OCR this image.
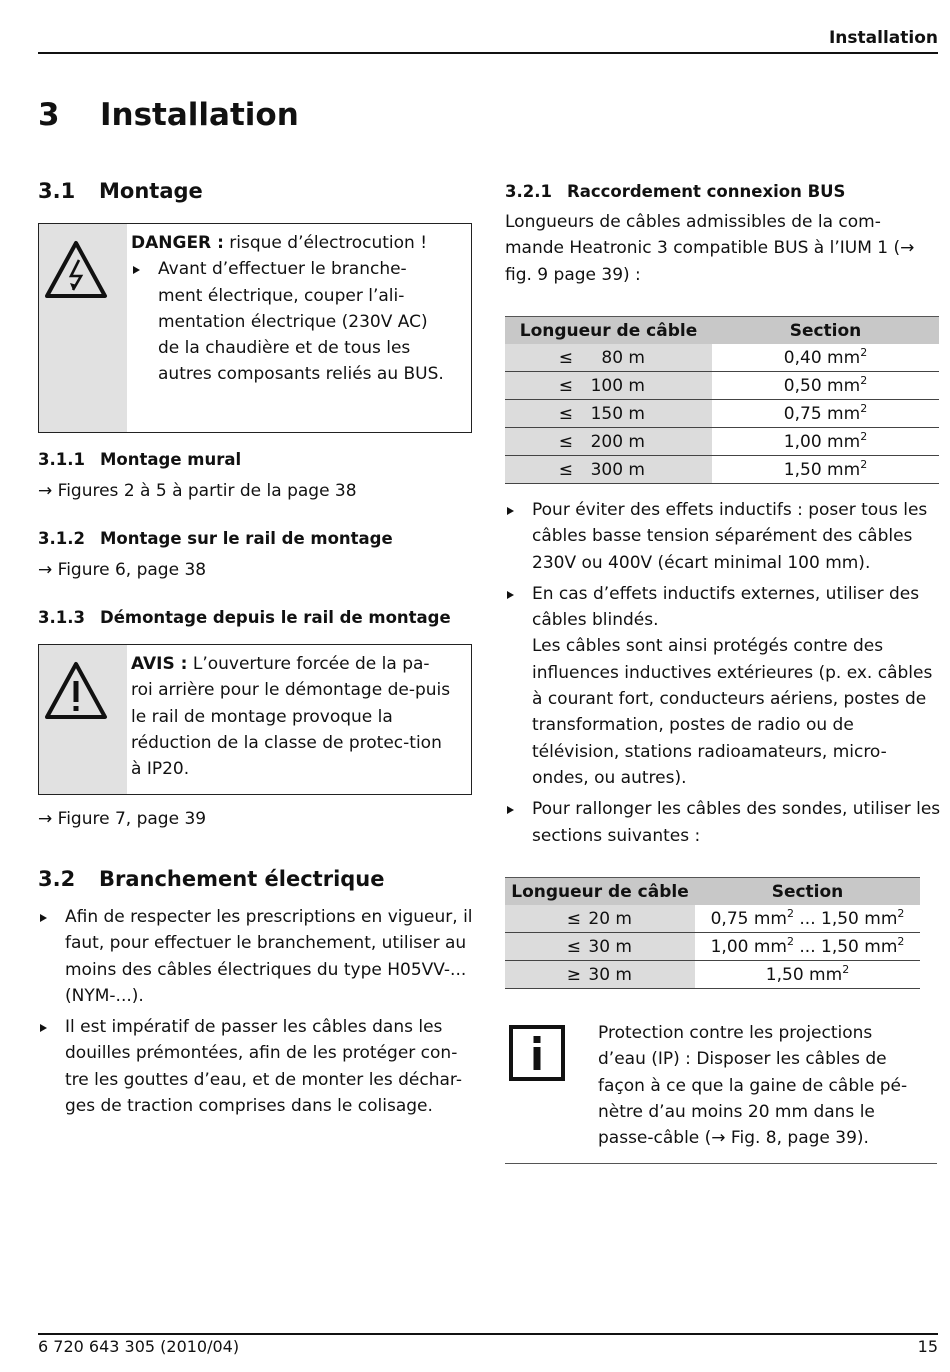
Installation
3 Installation
3.1 Montage
DANGER : risque d’électrocution !
Avant d’effectuer le branche-ment électrique, couper l’ali-mentation électrique (230V AC) de la chaudière et de tous les autres composants reliés au BUS.
3.1.1 Montage mural
→ Figures 2 à 5 à partir de la page 38
3.1.2 Montage sur le rail de montage
→ Figure 6, page 38
3.1.3 Démontage depuis le rail de montage
AVIS : L’ouverture forcée de la pa-roi arrière pour le démontage de-puis le rail de montage provoque la réduction de la classe de protec-tion à IP20.
→ Figure 7, page 39
3.2 Branchement électrique
Afin de respecter les prescriptions en vigueur, il faut, pour effectuer le branchement, utiliser au moins des câbles électriques du type H05VV-... (NYM-...).
Il est impératif de passer les câbles dans les douilles prémontées, afin de les protéger con-tre les gouttes d’eau, et de monter les déchar-ges de traction comprises dans le colisage.
3.2.1 Raccordement connexion BUS
Longueurs de câbles admissibles de la com-mande Heatronic 3 compatible BUS à l’IUM 1 (→ fig. 9 page 39) :
Longueur de câble	Section
≤ 80 m	0,40 $mm^2$
≤ 100 m	0,50 $mm^2$
≤ 150 m	0,75 $mm^2$
≤ 200 m	1,00 $mm^2$
≤ 300 m	1,50 $mm^2$
Pour éviter des effets inductifs : poser tous les câbles basse tension séparément des câbles 230V ou 400V (écart minimal 100 mm).
En cas d’effets inductifs externes, utiliser des câbles blindés.
Les câbles sont ainsi protégés contre des influences inductives extérieures (p. ex. câbles à courant fort, conducteurs aériens, postes de transformation, postes de radio ou de télévision, stations radioamateurs, micro-ondes, ou autres).
Pour rallonger les câbles des sondes, utiliser les sections suivantes :
Longueur de câble	Section
≤ 20 m	0,75 $mm^2$ ... 1,50 $mm^2$
≤ 30 m	1,00 $mm^2$ ... 1,50 $mm^2$
≥ 30 m	1,50 $mm^2$
Protection contre les projections d’eau (IP) : Disposer les câbles de façon à ce que la gaine de câble pé-nètre d’au moins 20 mm dans le passe-câble (→ Fig. 8, page 39).
6 720 643 305 (2010/04)	15
